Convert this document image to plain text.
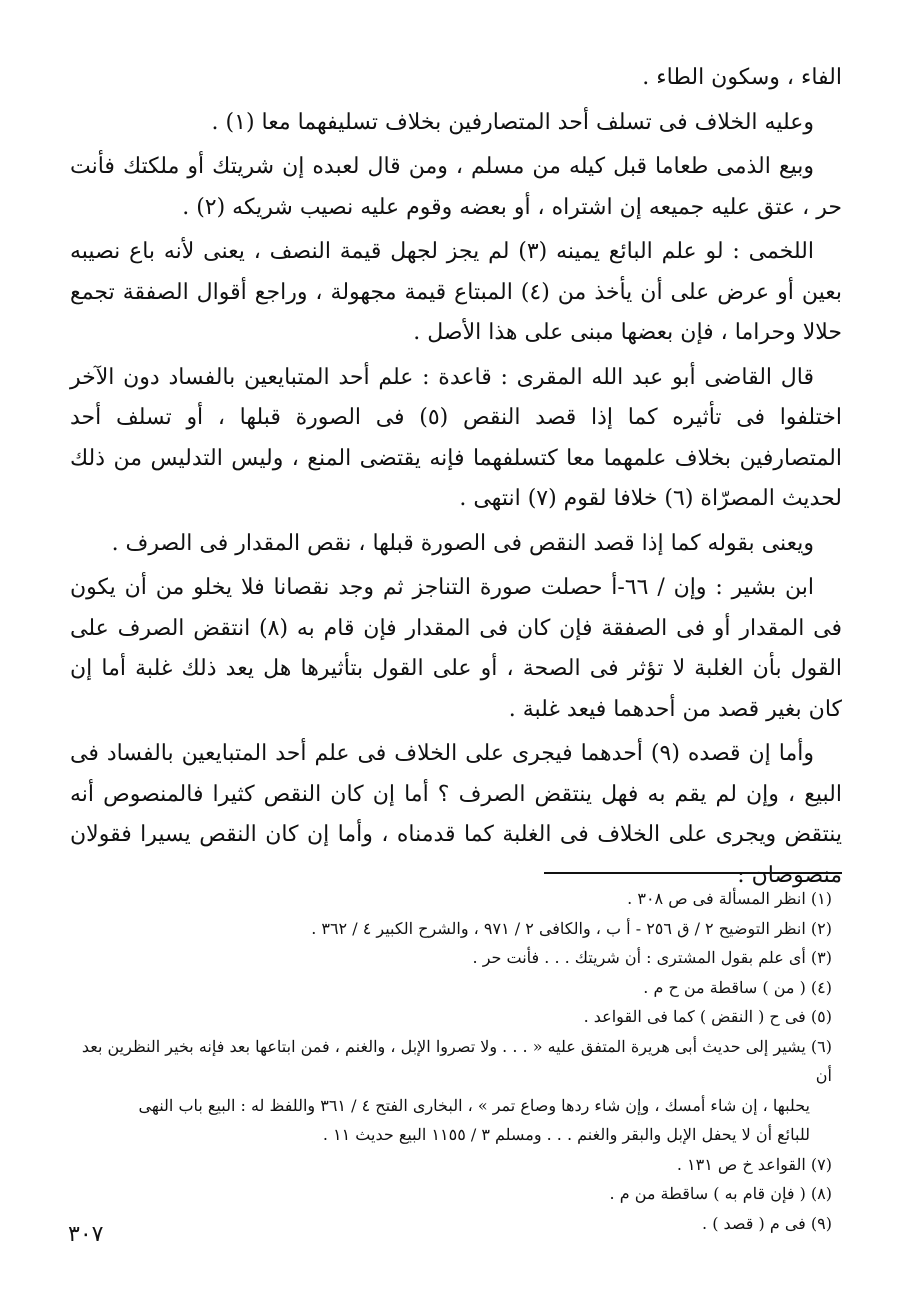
الفاء ، وسكون الطاء .

وعليه الخلاف فى تسلف أحد المتصارفين بخلاف تسليفهما معا (١) .

وبيع الذمى طعاما قبل كيله من مسلم ، ومن قال لعبده إن شريتك أو ملكتك فأنت حر ، عتق عليه جميعه إن اشتراه ، أو بعضه وقوم عليه نصيب شريكه (٢) .

اللخمى : لو علم البائع يمينه (٣) لم يجز لجهل قيمة النصف ، يعنى لأنه باع نصيبه بعين أو عرض على أن يأخذ من (٤) المبتاع قيمة مجهولة ، وراجع أقوال الصفقة تجمع حلالا وحراما ، فإن بعضها مبنى على هذا الأصل .

قال القاضى أبو عبد الله المقرى : قاعدة : علم أحد المتبايعين بالفساد دون الآخر اختلفوا فى تأثيره كما إذا قصد النقص (٥) فى الصورة قبلها ، أو تسلف أحد المتصارفين بخلاف علمهما معا كتسلفهما فإنه يقتضى المنع ، وليس التدليس من ذلك لحديث المصرّاة (٦) خلافا لقوم (٧) انتهى .

ويعنى بقوله كما إذا قصد النقص فى الصورة قبلها ، نقص المقدار فى الصرف .

ابن بشير : وإن / ٦٦-أ حصلت صورة التناجز ثم وجد نقصانا فلا يخلو من أن يكون فى المقدار أو فى الصفقة فإن كان فى المقدار فإن قام به (٨) انتقض الصرف على القول بأن الغلبة لا تؤثر فى الصحة ، أو على القول بتأثيرها هل يعد ذلك غلبة أما إن كان بغير قصد من أحدهما فيعد غلبة .

وأما إن قصده (٩) أحدهما فيجرى على الخلاف فى علم أحد المتبايعين بالفساد فى البيع ، وإن لم يقم به فهل ينتقض الصرف ؟ أما إن كان النقص كثيرا فالمنصوص أنه ينتقض ويجرى على الخلاف فى الغلبة كما قدمناه ، وأما إن كان النقص يسيرا فقولان منصوصان :

(١) انظر المسألة فى ص ٣٠٨ .
(٢) انظر التوضيح ٢ / ق ٢٥٦ - أ ب ، والكافى ٢ / ٩٧١ ، والشرح الكبير ٤ / ٣٦٢ .
(٣) أى علم بقول المشترى : أن شريتك . . . فأنت حر .
(٤) ( من ) ساقطة من ح م .
(٥) فى ح ( النقض ) كما فى القواعد .
(٦) يشير إلى حديث أبى هريرة المتفق عليه « . . . ولا تصروا الإبل ، والغنم ، فمن ابتاعها بعد فإنه بخير النظرين بعد أن
يحلبها ، إن شاء أمسك ، وإن شاء ردها وصاع تمر » ، البخارى الفتح ٤ / ٣٦١ واللفظ له : البيع باب النهى
للبائع أن لا يحفل الإبل والبقر والغنم . . . ومسلم ٣ / ١١٥٥ البيع حديث ١١ .
(٧) القواعد خ ص ١٣١ .
(٨) ( فإن قام به ) ساقطة من م .
(٩) فى م ( قصد ) .
٣٠٧
